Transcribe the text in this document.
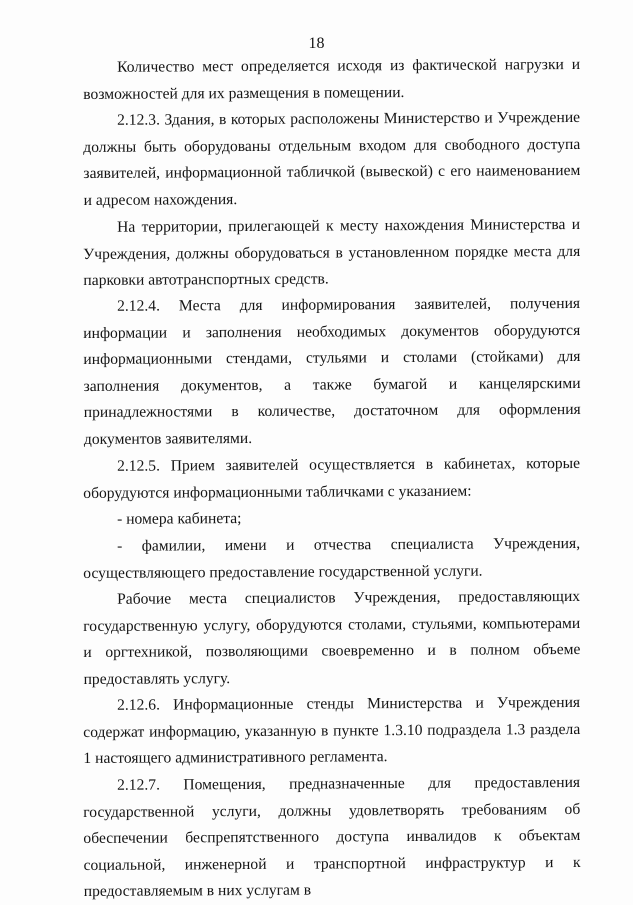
18

Количество мест определяется исходя из фактической нагрузки и возможностей для их размещения в помещении.

2.12.3. Здания, в которых расположены Министерство и Учреждение должны быть оборудованы отдельным входом для свободного доступа заявителей, информационной табличкой (вывеской) с его наименованием и адресом нахождения.

На территории, прилегающей к месту нахождения Министерства и Учреждения, должны оборудоваться в установленном порядке места для парковки автотранспортных средств.

2.12.4. Места для информирования заявителей, получения информации и заполнения необходимых документов оборудуются информационными стендами, стульями и столами (стойками) для заполнения документов, а также бумагой и канцелярскими принадлежностями в количестве, достаточном для оформления документов заявителями.

2.12.5. Прием заявителей осуществляется в кабинетах, которые оборудуются информационными табличками с указанием:

- номера кабинета;

- фамилии, имени и отчества специалиста Учреждения, осуществляющего предоставление государственной услуги.

Рабочие места специалистов Учреждения, предоставляющих государственную услугу, оборудуются столами, стульями, компьютерами и оргтехникой, позволяющими своевременно и в полном объеме предоставлять услугу.

2.12.6. Информационные стенды Министерства и Учреждения содержат информацию, указанную в пункте 1.3.10 подраздела 1.3 раздела 1 настоящего административного регламента.

2.12.7. Помещения, предназначенные для предоставления государственной услуги, должны удовлетворять требованиям об обеспечении беспрепятственного доступа инвалидов к объектам социальной, инженерной и транспортной инфраструктур и к предоставляемым в них услугам в
